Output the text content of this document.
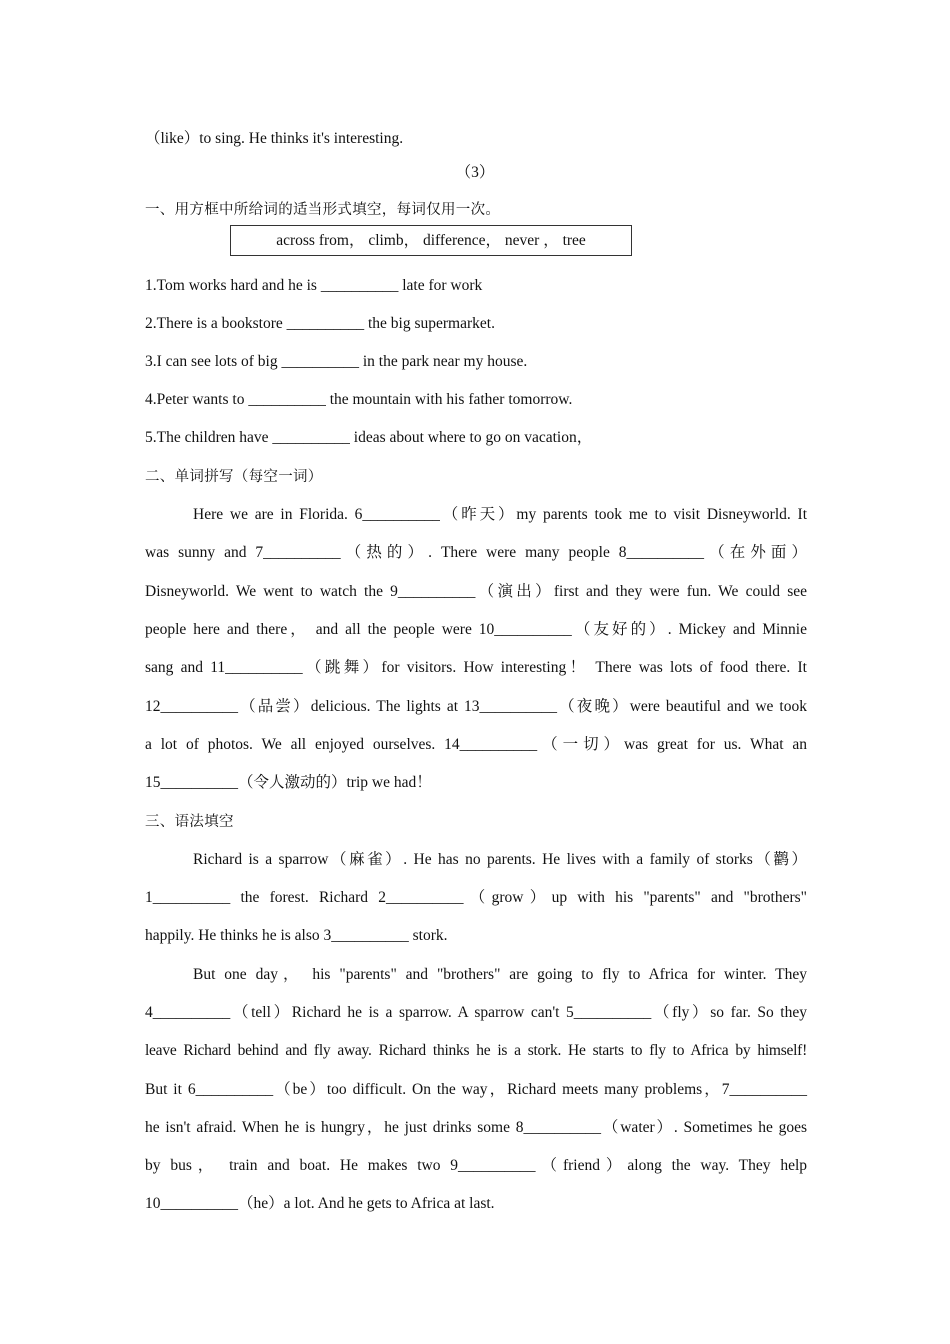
（like）to sing. He thinks it's interesting.
（3）
一、用方框中所给词的适当形式填空，每词仅用一次。
across from， climb， difference， never ， tree
1.Tom works hard and he is __________ late for work
2.There is a bookstore __________ the big supermarket.
3.I can see lots of big __________ in the park near my house.
4.Peter wants to __________ the mountain with his father tomorrow.
5.The children have __________ ideas about where to go on vacation，
二、单词拼写（每空一词）
Here we are in Florida. 6__________（昨天）my parents took me to visit Disneyworld. It
was sunny and 7__________（热的）. There were many people 8__________（在外面）
Disneyworld. We went to watch the 9__________（演出）first and they were fun. We could see
people here and there， and all the people were 10__________（友好的）. Mickey and Minnie
sang and 11__________（跳舞）for visitors. How interesting！ There was lots of food there. It
12__________（品尝）delicious. The lights at 13__________（夜晚）were beautiful and we took
a lot of photos. We all enjoyed ourselves. 14__________（一切）was great for us. What an
15__________（令人激动的）trip we had！
三、语法填空
Richard is a sparrow（麻雀）. He has no parents. He lives with a family of storks（鹳）
1__________ the forest. Richard 2__________（grow）up with his "parents" and "brothers"
happily. He thinks he is also 3__________ stork.
But one day， his "parents" and "brothers" are going to fly to Africa for winter. They
4__________（tell）Richard he is a sparrow. A sparrow can't 5__________（fly）so far. So they
leave Richard behind and fly away. Richard thinks he is a stork. He starts to fly to Africa by himself!
But it 6__________（be）too difficult. On the way，Richard meets many problems，7__________
he isn't afraid. When he is hungry，he just drinks some 8__________（water）. Sometimes he goes
by bus， train and boat. He makes two 9__________（friend）along the way. They help
10__________（he）a lot. And he gets to Africa at last.
